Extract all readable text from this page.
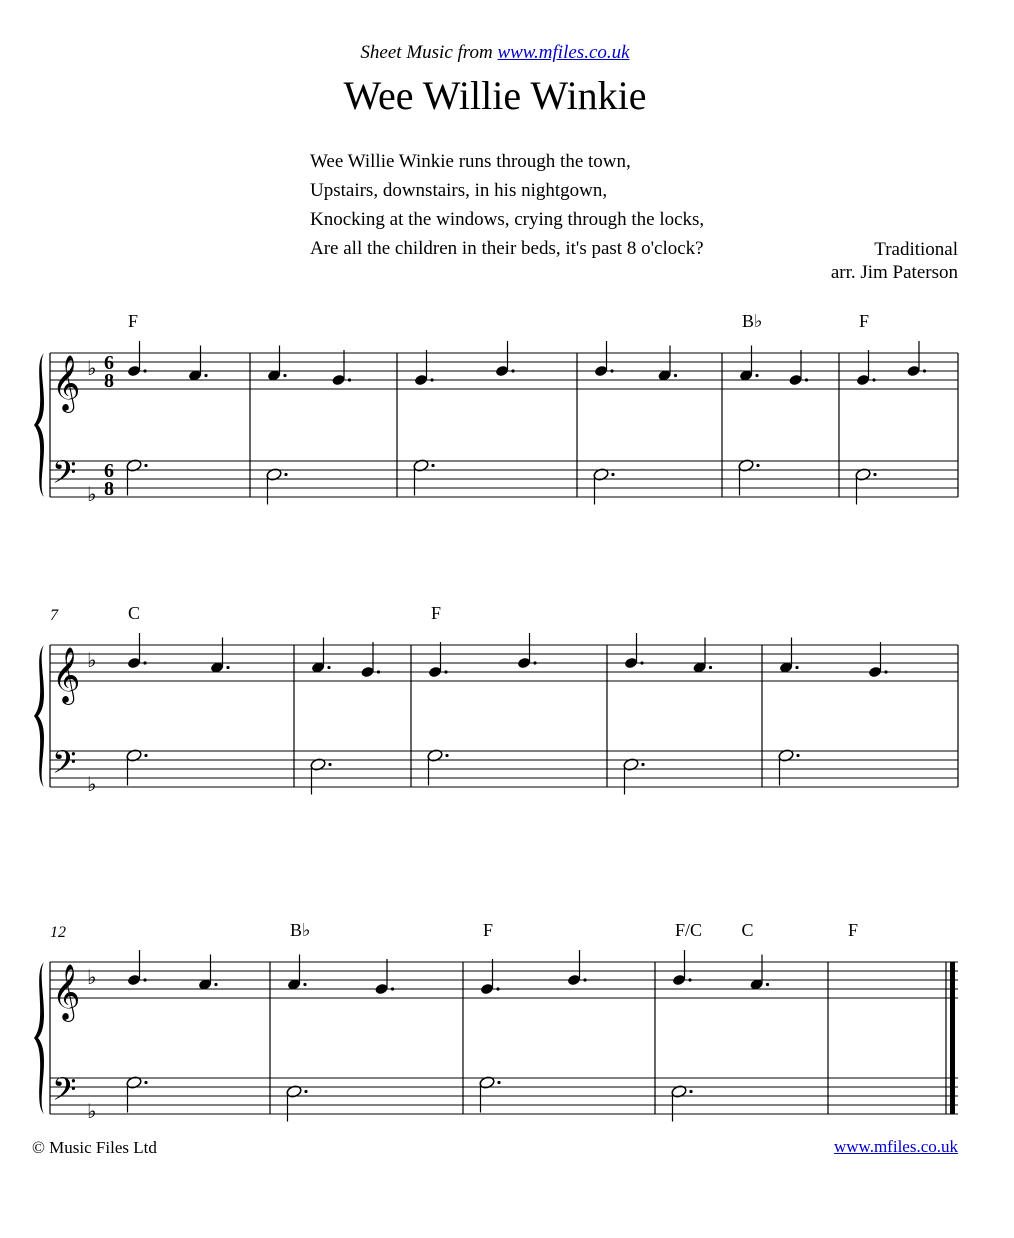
Sheet Music from www.mfiles.co.uk
Wee Willie Winkie
Wee Willie Winkie runs through the town,
Upstairs, downstairs, in his nightgown,
Knocking at the windows, crying through the locks,
Are all the children in their beds, it's past 8 o'clock?	Traditional
arr. Jim Paterson
𝄞
𝄢
♭
♭
6
8
6
8
F	B♭	F
𝄞
𝄢
♭
♭
7	C	F
𝄞
𝄢
♭
♭
12	B♭	F	F/C C	F
© Music Files Ltd	www.mfiles.co.uk
